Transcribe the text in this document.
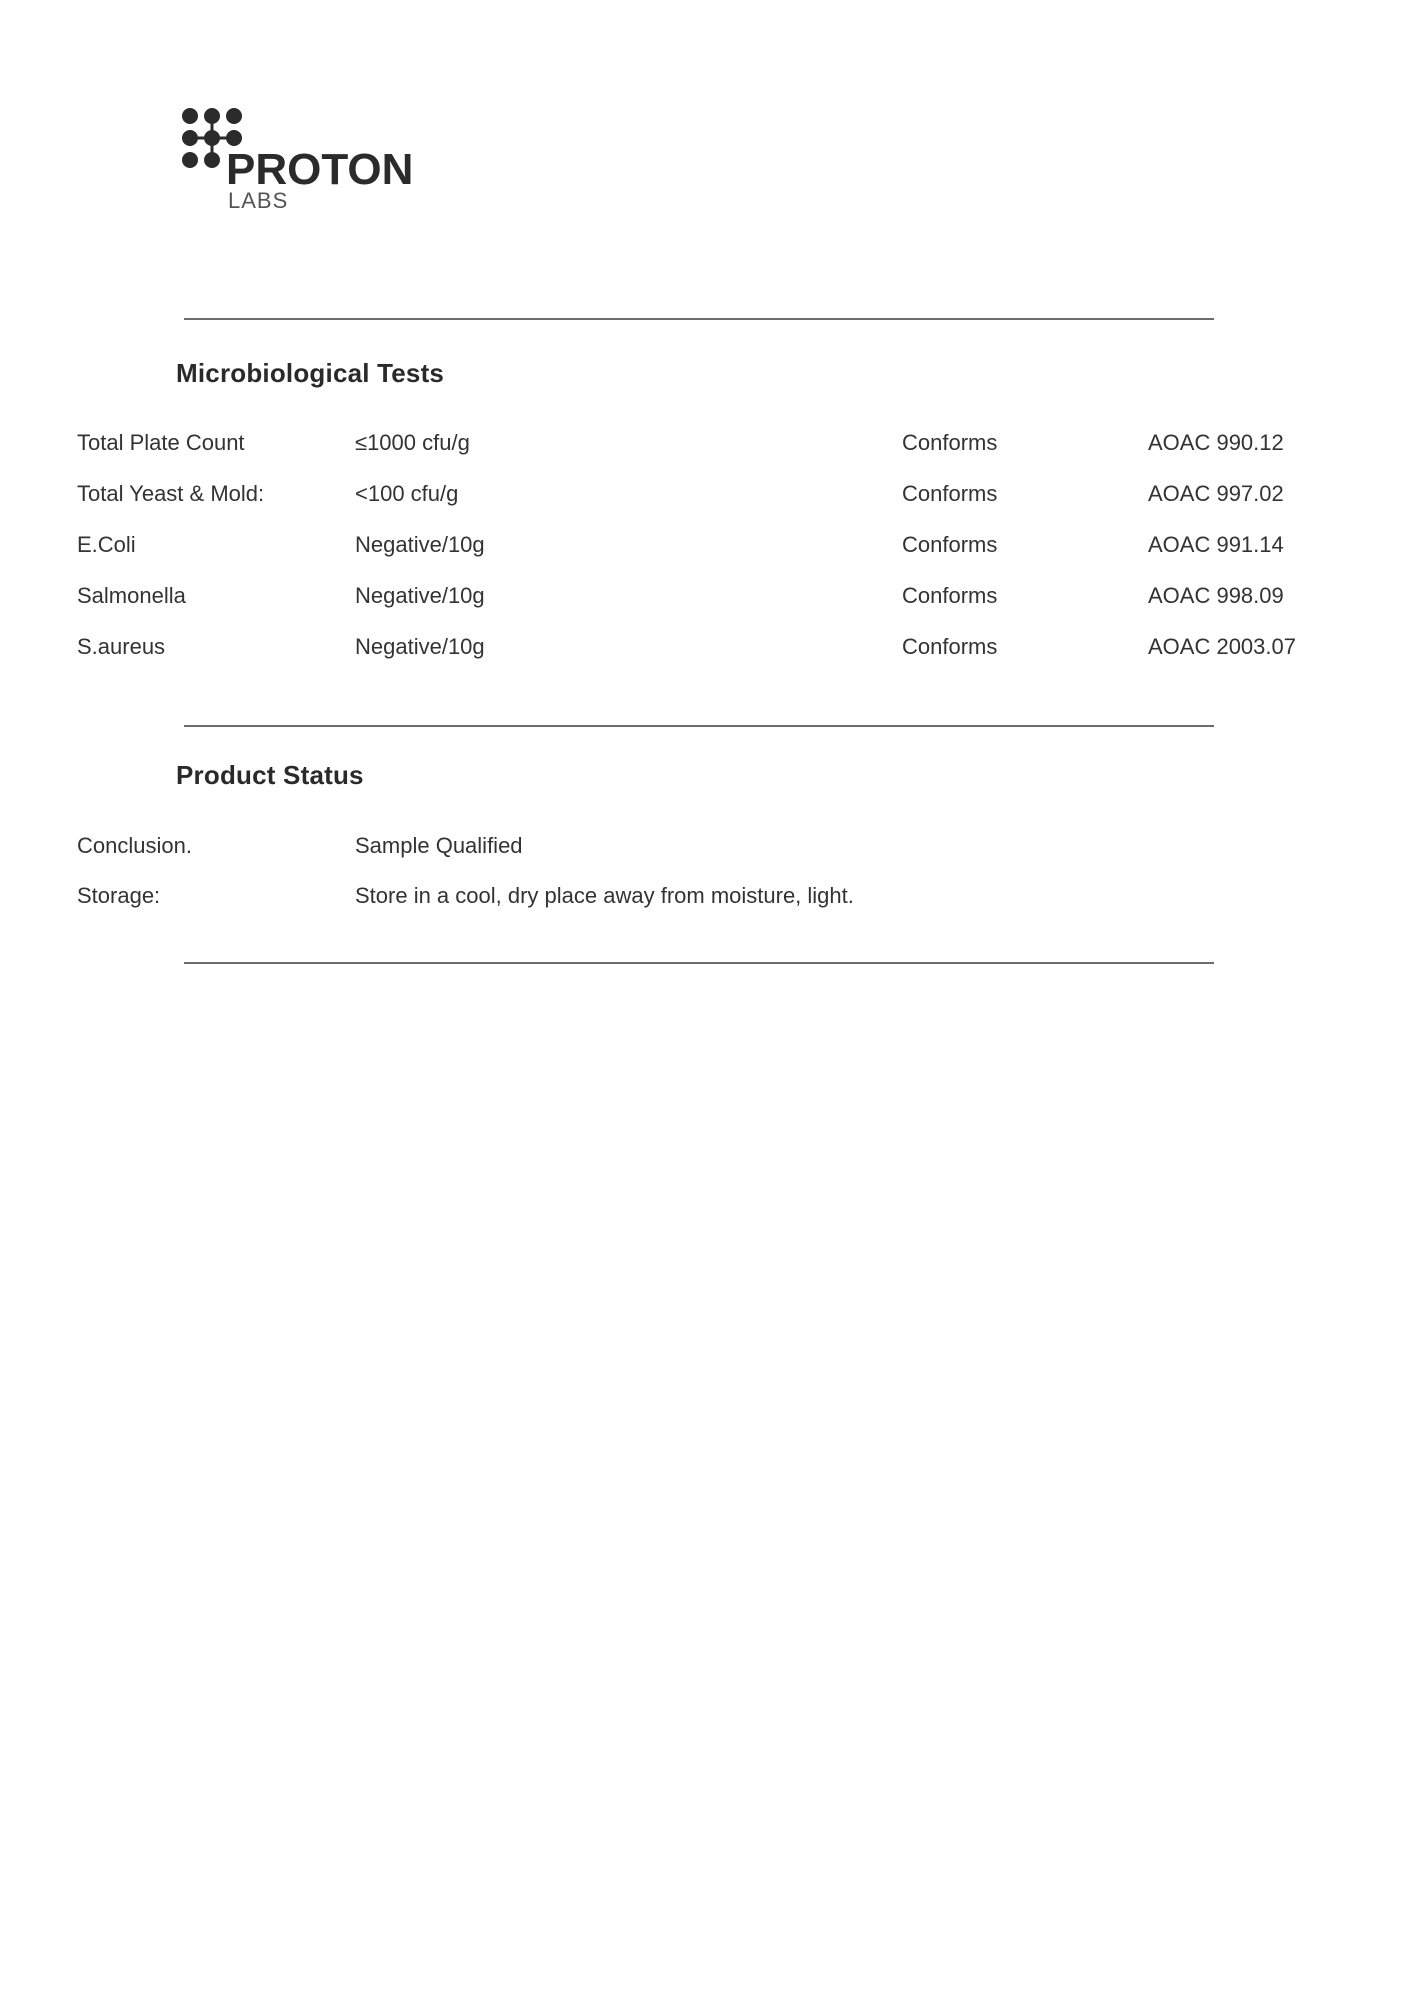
PROTON
LABS
Microbiological Tests
Total Plate Count	≤1000 cfu/g	Conforms	AOAC 990.12
Total Yeast & Mold:	<100 cfu/g	Conforms	AOAC 997.02
E.Coli	Negative/10g	Conforms	AOAC 991.14
Salmonella	Negative/10g	Conforms	AOAC 998.09
S.aureus	Negative/10g	Conforms	AOAC 2003.07
Product Status
Conclusion.	Sample Qualified
Storage:	Store in a cool, dry place away from moisture, light.
